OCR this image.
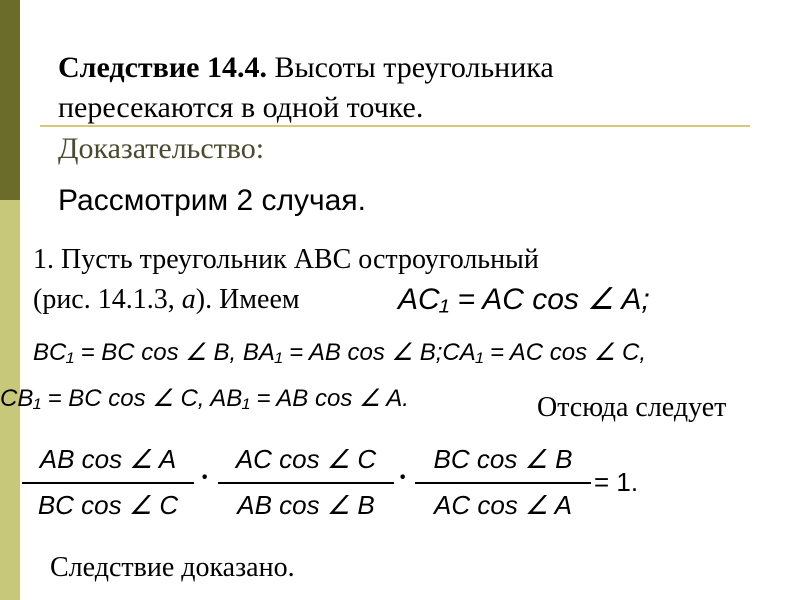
Следствие 14.4. Высоты треугольника
пересекаются в одной точке.
Доказательство:
Рассмотрим 2 случая.
1. Пусть треугольник ABC остроугольный
(рис. 14.1.3, а). Имеем	AC₁ = AC cos ∠ A;
BC₁ = BC cos ∠ B, BA₁ = AB cos ∠ B;CA₁ = AC cos ∠ C,
CB₁ = BC cos ∠ C, AB₁ = AB cos ∠ A.	Отсюда следует
AB cos ∠ A
BC cos ∠ C
·
AC cos ∠ C
AB cos ∠ B
·
BC cos ∠ B
AC cos ∠ A
= 1.
Следствие доказано.
